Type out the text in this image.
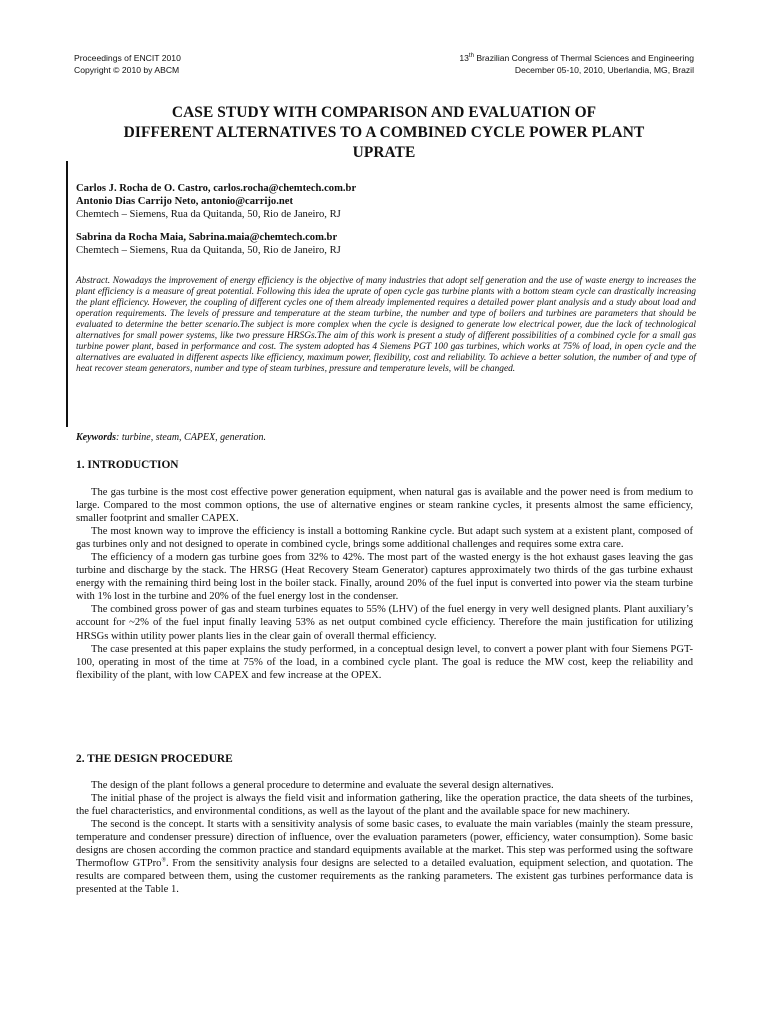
Proceedings of ENCIT 2010
Copyright © 2010 by ABCM
13th Brazilian Congress of Thermal Sciences and Engineering
December 05-10, 2010, Uberlandia, MG, Brazil
CASE STUDY WITH COMPARISON AND EVALUATION OF
DIFFERENT ALTERNATIVES TO A COMBINED CYCLE POWER PLANT
UPRATE
Carlos J. Rocha de O. Castro, carlos.rocha@chemtech.com.br
Antonio Dias Carrijo Neto, antonio@carrijo.net
Chemtech – Siemens, Rua da Quitanda, 50, Rio de Janeiro, RJ
Sabrina da Rocha Maia, Sabrina.maia@chemtech.com.br
Chemtech – Siemens, Rua da Quitanda, 50, Rio de Janeiro, RJ
Abstract. Nowadays the improvement of energy efficiency is the objective of many industries that adopt self generation and the use of waste energy to increases the plant efficiency is a measure of great potential. Following this idea the uprate of open cycle gas turbine plants with a bottom steam cycle can drastically increasing the plant efficiency. However, the coupling of different cycles one of them already implemented requires a detailed power plant analysis and a study about load and operation requirements. The levels of pressure and temperature at the steam turbine, the number and type of boilers and turbines are parameters that should be evaluated to determine the better scenario.The subject is more complex when the cycle is designed to generate low electrical power, due the lack of technological alternatives for small power systems, like two pressure HRSGs.The aim of this work is present a study of different possibilities of a combined cycle for a small gas turbine power plant, based in performance and cost. The system adopted has 4 Siemens PGT 100 gas turbines, which works at 75% of load, in open cycle and the alternatives are evaluated in different aspects like efficiency, maximum power, flexibility, cost and reliability. To achieve a better solution, the number of and type of heat recover steam generators, number and type of steam turbines, pressure and temperature levels, will be changed.
Keywords: turbine, steam, CAPEX, generation.
1. INTRODUCTION

The gas turbine is the most cost effective power generation equipment, when natural gas is available and the power need is from medium to large. Compared to the most common options, the use of alternative engines or steam rankine cycles, it presents almost the same efficiency, smaller footprint and smaller CAPEX.

The most known way to improve the efficiency is install a bottoming Rankine cycle. But adapt such system at a existent plant, composed of gas turbines only and not designed to operate in combined cycle, brings some additional challenges and requires some extra care.

The efficiency of a modern gas turbine goes from 32% to 42%. The most part of the wasted energy is the hot exhaust gases leaving the gas turbine and discharge by the stack. The HRSG (Heat Recovery Steam Generator) captures approximately two thirds of the gas turbine exhaust energy with the remaining third being lost in the boiler stack. Finally, around 20% of the fuel input is converted into power via the steam turbine with 1% lost in the turbine and 20% of the fuel energy lost in the condenser.

The combined gross power of gas and steam turbines equates to 55% (LHV) of the fuel energy in very well designed plants. Plant auxiliary’s account for ~2% of the fuel input finally leaving 53% as net output combined cycle efficiency. Therefore the main justification for utilizing HRSGs within utility power plants lies in the clear gain of overall thermal efficiency.

The case presented at this paper explains the study performed, in a conceptual design level, to convert a power plant with four Siemens PGT-100, operating in most of the time at 75% of the load, in a combined cycle plant. The goal is reduce the MW cost, keep the reliability and flexibility of the plant, with low CAPEX and few increase at the OPEX.

2. THE DESIGN PROCEDURE

The design of the plant follows a general procedure to determine and evaluate the several design alternatives.

The initial phase of the project is always the field visit and information gathering, like the operation practice, the data sheets of the turbines, the fuel characteristics, and environmental conditions, as well as the layout of the plant and the available space for new machinery.

The second is the concept. It starts with a sensitivity analysis of some basic cases, to evaluate the main variables (mainly the steam pressure, temperature and condenser pressure) direction of influence, over the evaluation parameters (power, efficiency, water consumption). Some basic designs are chosen according the common practice and standard equipments available at the market. This step was performed using the software Thermoflow GTPro®. From the sensitivity analysis four designs are selected to a detailed evaluation, equipment selection, and quotation. The results are compared between them, using the customer requirements as the ranking parameters. The existent gas turbines performance data is presented at the Table 1.
